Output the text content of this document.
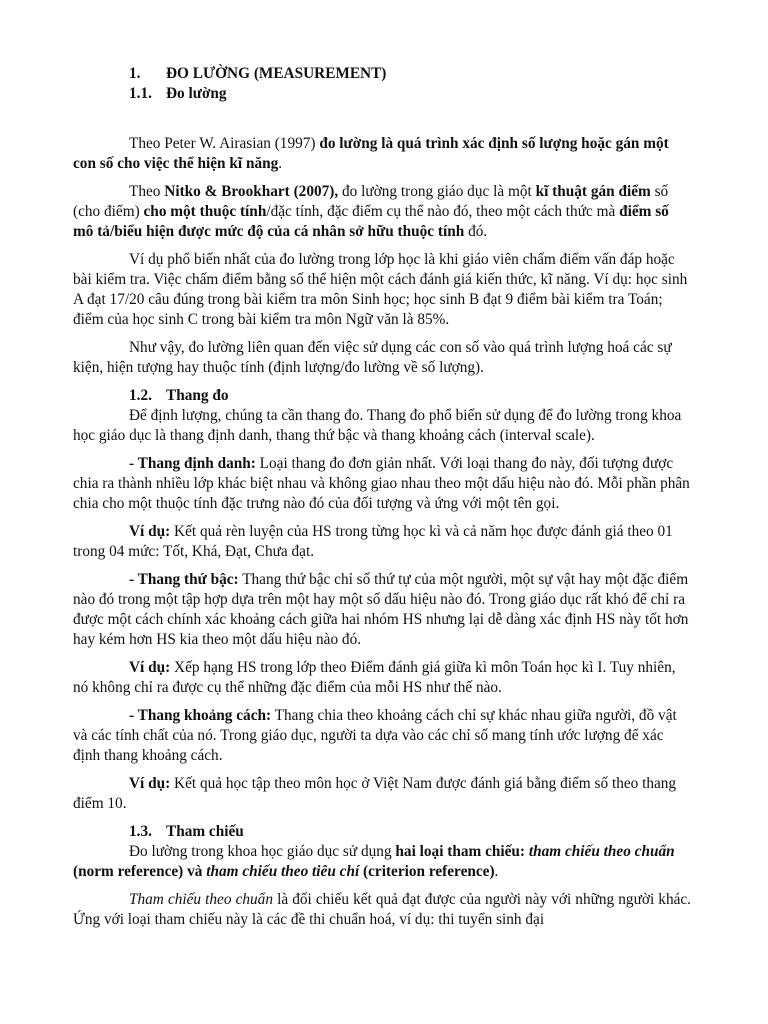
1. ĐO LƯỜNG (MEASUREMENT)
1.1. Đo lường

Theo Peter W. Airasian (1997) đo lường là quá trình xác định số lượng hoặc gán một con số cho việc thể hiện kĩ năng.

Theo Nitko & Brookhart (2007), đo lường trong giáo dục là một kĩ thuật gán điểm số (cho điểm) cho một thuộc tính/đặc tính, đặc điểm cụ thể nào đó, theo một cách thức mà điểm số mô tả/biểu hiện được mức độ của cá nhân sở hữu thuộc tính đó.

Ví dụ phổ biến nhất của đo lường trong lớp học là khi giáo viên chấm điểm vấn đáp hoặc bài kiểm tra. Việc chấm điểm bằng số thể hiện một cách đánh giá kiến thức, kĩ năng. Ví dụ: học sinh A đạt 17/20 câu đúng trong bài kiểm tra môn Sinh học; học sinh B đạt 9 điểm bài kiểm tra Toán; điểm của học sinh C trong bài kiểm tra môn Ngữ văn là 85%.

Như vậy, đo lường liên quan đến việc sử dụng các con số vào quá trình lượng hoá các sự kiện, hiện tượng hay thuộc tính (định lượng/đo lường về số lượng).

1.2. Thang đo

Để định lượng, chúng ta cần thang đo. Thang đo phổ biến sử dụng để đo lường trong khoa học giáo dục là thang định danh, thang thứ bậc và thang khoảng cách (interval scale).

- Thang định danh: Loại thang đo đơn giản nhất. Với loại thang đo này, đối tượng được chia ra thành nhiều lớp khác biệt nhau và không giao nhau theo một dấu hiệu nào đó. Mỗi phần phân chia cho một thuộc tính đặc trưng nào đó của đối tượng và ứng với một tên gọi.

Ví dụ: Kết quả rèn luyện của HS trong từng học kì và cả năm học được đánh giá theo 01 trong 04 mức: Tốt, Khá, Đạt, Chưa đạt.

- Thang thứ bậc: Thang thứ bậc chỉ số thứ tự của một người, một sự vật hay một đặc điểm nào đó trong một tập hợp dựa trên một hay một số dấu hiệu nào đó. Trong giáo dục rất khó để chỉ ra được một cách chính xác khoảng cách giữa hai nhóm HS nhưng lại dễ dàng xác định HS này tốt hơn hay kém hơn HS kia theo một dấu hiệu nào đó.

Ví dụ: Xếp hạng HS trong lớp theo Điểm đánh giá giữa kì môn Toán học kì I. Tuy nhiên, nó không chỉ ra được cụ thể những đặc điểm của mỗi HS như thế nào.

- Thang khoảng cách: Thang chia theo khoảng cách chỉ sự khác nhau giữa người, đồ vật và các tính chất của nó. Trong giáo dục, người ta dựa vào các chỉ số mang tính ước lượng để xác định thang khoảng cách.

Ví dụ: Kết quả học tập theo môn học ở Việt Nam được đánh giá bằng điểm số theo thang điểm 10.

1.3. Tham chiếu

Đo lường trong khoa học giáo dục sử dụng hai loại tham chiếu: tham chiếu theo chuẩn (norm reference) và tham chiếu theo tiêu chí (criterion reference).

Tham chiếu theo chuẩn là đối chiếu kết quả đạt được của người này với những người khác. Ứng với loại tham chiếu này là các đề thi chuẩn hoá, ví dụ: thi tuyển sinh đại
